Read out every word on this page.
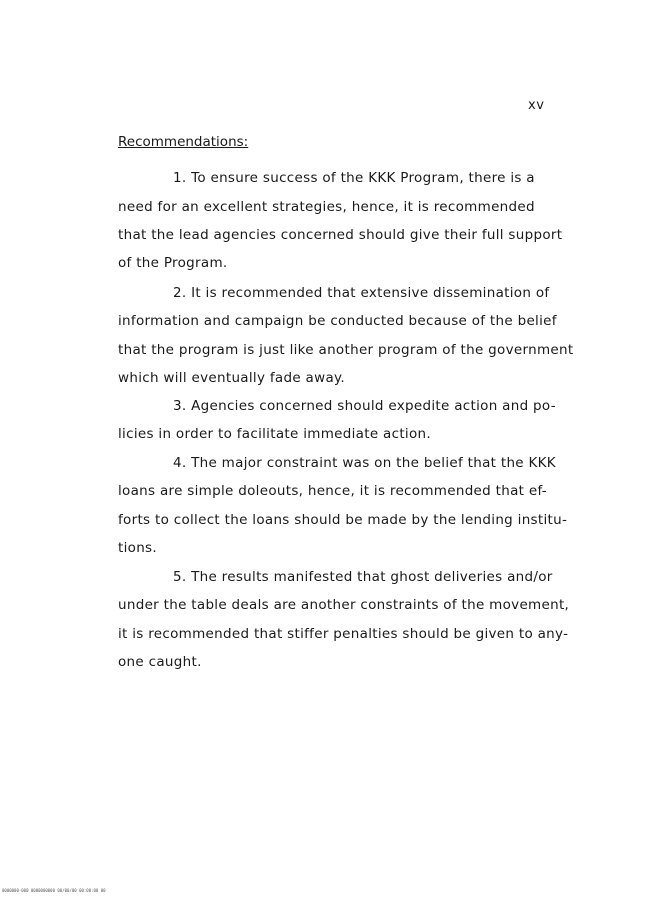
xv
Recommendations:
1. To ensure success of the KKK Program, there is a
need for an excellent strategies, hence, it is recommended
that the lead agencies concerned should give their full support
of the Program.
2. It is recommended that extensive dissemination of
information and campaign be conducted because of the belief
that the program is just like another program of the government
which will eventually fade away.
3. Agencies concerned should expedite action and po-
licies in order to facilitate immediate action.
4. The major constraint was on the belief that the KKK
loans are simple doleouts, hence, it is recommended that ef-
forts to collect the loans should be made by the lending institu-
tions.
5. The results manifested that ghost deliveries and/or
under the table deals are another constraints of the movement,
it is recommended that stiffer penalties should be given to any-
one caught.
0000000-000 0000000000 00/00/00 00:00:00 00
